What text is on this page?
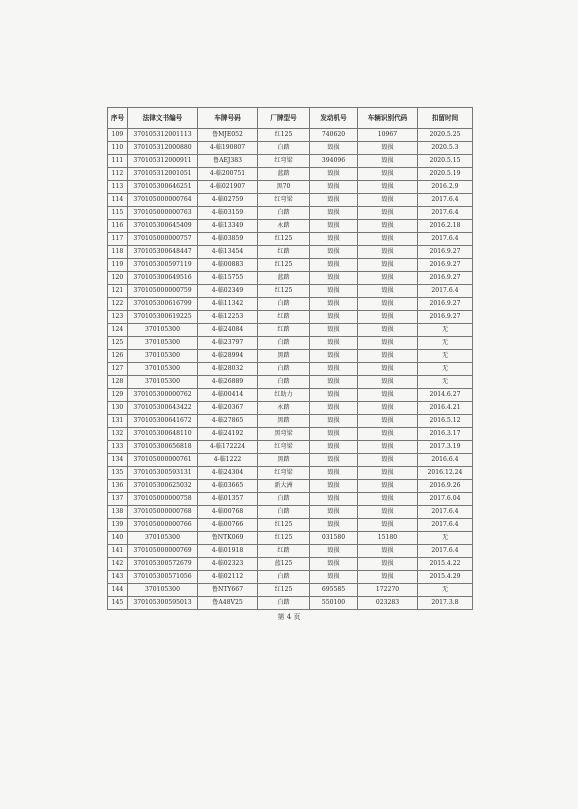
序号	法律文书编号	车牌号码	厂牌型号	发动机号	车辆识别代码	扣留时间
109	370105312001113	鲁MJE052	红125	740620	10967	2020.5.25
110	370105312000880	4-临190807	白踏	毁损	毁损	2020.5.3
111	370105312000911	鲁AEJ383	红弯梁	394096	毁损	2020.5.15
112	370105312001051	4-临200751	蓝踏	毁损	毁损	2020.5.19
113	370105300646251	4-临021907	黑70	毁损	毁损	2016.2.9
114	370105000000764	4-临02759	红弯梁	毁损	毁损	2017.6.4
115	370105000000763	4-临03159	白踏	毁损	毁损	2017.6.4
116	370105300645409	4-临13349	永踏	毁损	毁损	2016.2.18
117	370105000000757	4-临03859	红125	毁损	毁损	2017.6.4
118	370105300648447	4-临13454	红踏	毁损	毁损	2016.9.27
119	370105300597119	4-临00883	红125	毁损	毁损	2016.9.27
120	370105300649516	4-临15755	蓝踏	毁损	毁损	2016.9.27
121	370105000000759	4-临02349	红125	毁损	毁损	2017.6.4
122	370105300616799	4-临11342	白踏	毁损	毁损	2016.9.27
123	370105300619225	4-临12253	红踏	毁损	毁损	2016.9.27
124	370105300	4-临24084	红踏	毁损	毁损	无
125	370105300	4-临23797	白踏	毁损	毁损	无
126	370105300	4-临28994	黑踏	毁损	毁损	无
127	370105300	4-临28032	白踏	毁损	毁损	无
128	370105300	4-临26889	白踏	毁损	毁损	无
129	370105300000762	4-临00414	红助力	毁损	毁损	2014.6.27
130	370105300643422	4-临20367	永踏	毁损	毁损	2016.4.21
131	370105300641672	4-临27865	黑踏	毁损	毁损	2016.5.12
132	370105300648110	4-临24192	黑弯梁	毁损	毁损	2016.3.17
133	370105300656818	4-临172224	红弯梁	毁损	毁损	2017.3.19
134	370105000000761	4-临1222	黑踏	毁损	毁损	2016.6.4
135	370105300593131	4-临24304	红弯梁	毁损	毁损	2016.12.24
136	370105300625032	4-临03665	新大洲	毁损	毁损	2016.9.26
137	370105000000758	4-临01357	白踏	毁损	毁损	2017.6.04
138	370105000000768	4-临00768	白踏	毁损	毁损	2017.6.4
139	370105000000766	4-临00766	红125	毁损	毁损	2017.6.4
140	370105300	鲁NTK069	红125	031580	15180	无
141	370105000000769	4-临01918	红踏	毁损	毁损	2017.6.4
142	370105300572679	4-临02323	蓝125	毁损	毁损	2015.4.22
143	370105300571056	4-临02112	白踏	毁损	毁损	2015.4.29
144	370105300	鲁NTY667	红125	695585	172270	无
145	370105300595013	鲁A48V25	白踏	550100	023283	2017.3.8
第 4 页
